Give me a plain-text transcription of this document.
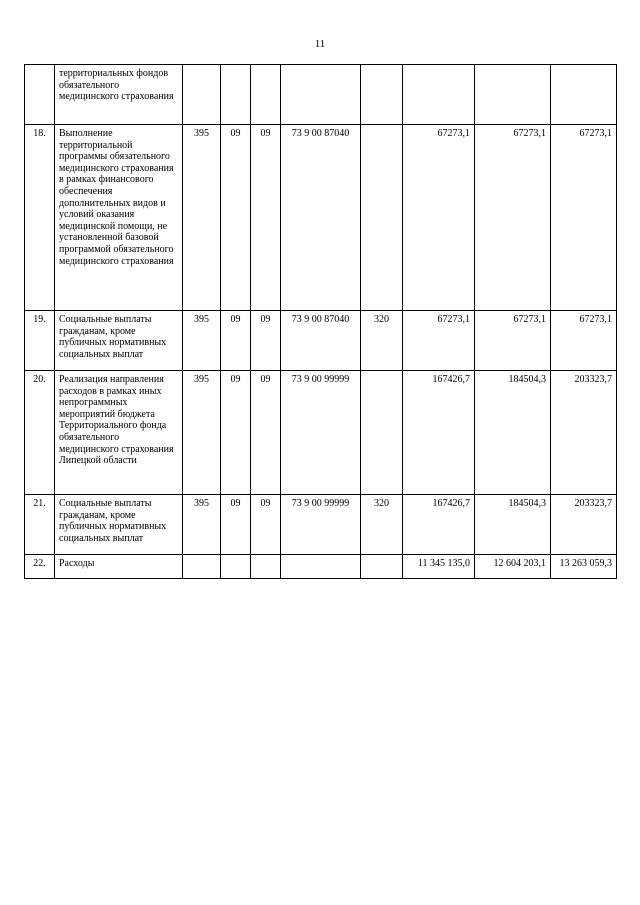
11
	территориальных фондов обязательного медицинского страхования								
18.	Выполнение территориальной программы обязательного медицинского страхования в рамках финансового обеспечения дополнительных видов и условий оказания медицинской помощи, не установленной базовой программой обязательного медицинского страхования	395	09	09	73 9 00 87040		67273,1	67273,1	67273,1
19.	Социальные выплаты гражданам, кроме публичных нормативных социальных выплат	395	09	09	73 9 00 87040	320	67273,1	67273,1	67273,1
20.	Реализация направления расходов в рамках иных непрограммных мероприятий бюджета Территориального фонда обязательного медицинского страхования Липецкой области	395	09	09	73 9 00 99999		167426,7	184504,3	203323,7
21.	Социальные выплаты гражданам, кроме публичных нормативных социальных выплат	395	09	09	73 9 00 99999	320	167426,7	184504,3	203323,7
22.	Расходы						11 345 135,0	12 604 203,1	13 263 059,3
